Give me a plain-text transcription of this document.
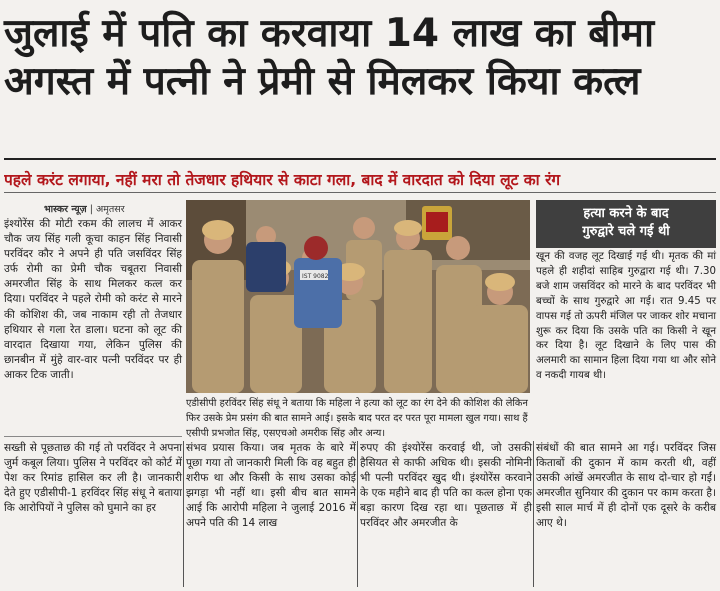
जुलाई में पति का करवाया 14 लाख का बीमा
अगस्त में पत्नी ने प्रेमी से मिलकर किया कत्ल
पहले करंट लगाया, नहीं मरा तो तेजधार हथियार से काटा गला, बाद में वारदात को दिया लूट का रंग
भास्कर न्यूज़ | अमृतसर

इंश्योरेंस की मोटी रकम की लालच में आकर चौक जय सिंह गली कूचा काहन सिंह निवासी परविंदर कौर ने अपने ही पति जसविंदर सिंह उर्फ रोमी का प्रेमी चौक चबूतरा निवासी अमरजीत सिंह के साथ मिलकर कत्ल कर दिया। परविंदर ने पहले रोमी को करंट से मारने की कोशिश की, जब नाकाम रही तो तेजधार हथियार से गला रेत डाला। घटना को लूट की वारदात दिखाया गया, लेकिन पुलिस की छानबीन में मुंहे वार-वार पत्नी परविंदर पर ही आकर टिक जाती।

IST 9082
एडीसीपी हरविंदर सिंह संधू ने बताया कि महिला ने हत्या को लूट का रंग देने की कोशिश की लेकिन फिर उसके प्रेम प्रसंग की बात सामने आई। इसके बाद परत दर परत पूरा मामला खुल गया। साथ हैं एसीपी प्रभजोत सिंह, एसएचओ अमरीक सिंह और अन्य।
हत्या करने के बाद
गुरुद्वारे चले गई थी

खून की वजह लूट दिखाई गई थी। मृतक की मां पहले ही शहीदां साहिब गुरुद्वारा गई थी। 7.30 बजे शाम जसविंदर को मारने के बाद परविंदर भी बच्चों के साथ गुरुद्वारे आ गई। रात 9.45 पर वापस गई तो ऊपरी मंजिल पर जाकर शोर मचाना शुरू कर दिया कि उसके पति का किसी ने खून कर दिया है। लूट दिखाने के लिए पास की अलमारी का सामान हिला दिया गया था और सोने व नकदी गायब थी।

सख्ती से पूछताछ की गई तो परविंदर ने अपना जुर्म कबूल लिया। पुलिस ने परविंदर को कोर्ट में पेश कर रिमांड हासिल कर ली है। जानकारी देते हुए एडीसीपी-1 हरविंदर सिंह संधू ने बताया कि आरोपियों ने पुलिस को घुमाने का हर

संभव प्रयास किया। जब मृतक के बारे में पूछा गया तो जानकारी मिली कि वह बहुत ही शरीफ था और किसी के साथ उसका कोई झगड़ा भी नहीं था। इसी बीच बात सामने आई कि आरोपी महिला ने जुलाई 2016 में अपने पति की 14 लाख

रुपए की इंश्योरेंस करवाई थी, जो उसकी हैसियत से काफी अधिक थी। इसकी नोमिनी भी पत्नी परविंदर खुद थी। इंश्योरेंस करवाने के एक महीने बाद ही पति का कत्ल होना एक बड़ा कारण दिख रहा था। पूछताछ में ही परविंदर और अमरजीत के

संबंधों की बात सामने आ गई। परविंदर जिस किताबों की दुकान में काम करती थी, वहीं उसकी आंखें अमरजीत के साथ दो-चार हो गईं। अमरजीत सुनियार की दुकान पर काम करता है। इसी साल मार्च में ही दोनों एक दूसरे के करीब आए थे।
